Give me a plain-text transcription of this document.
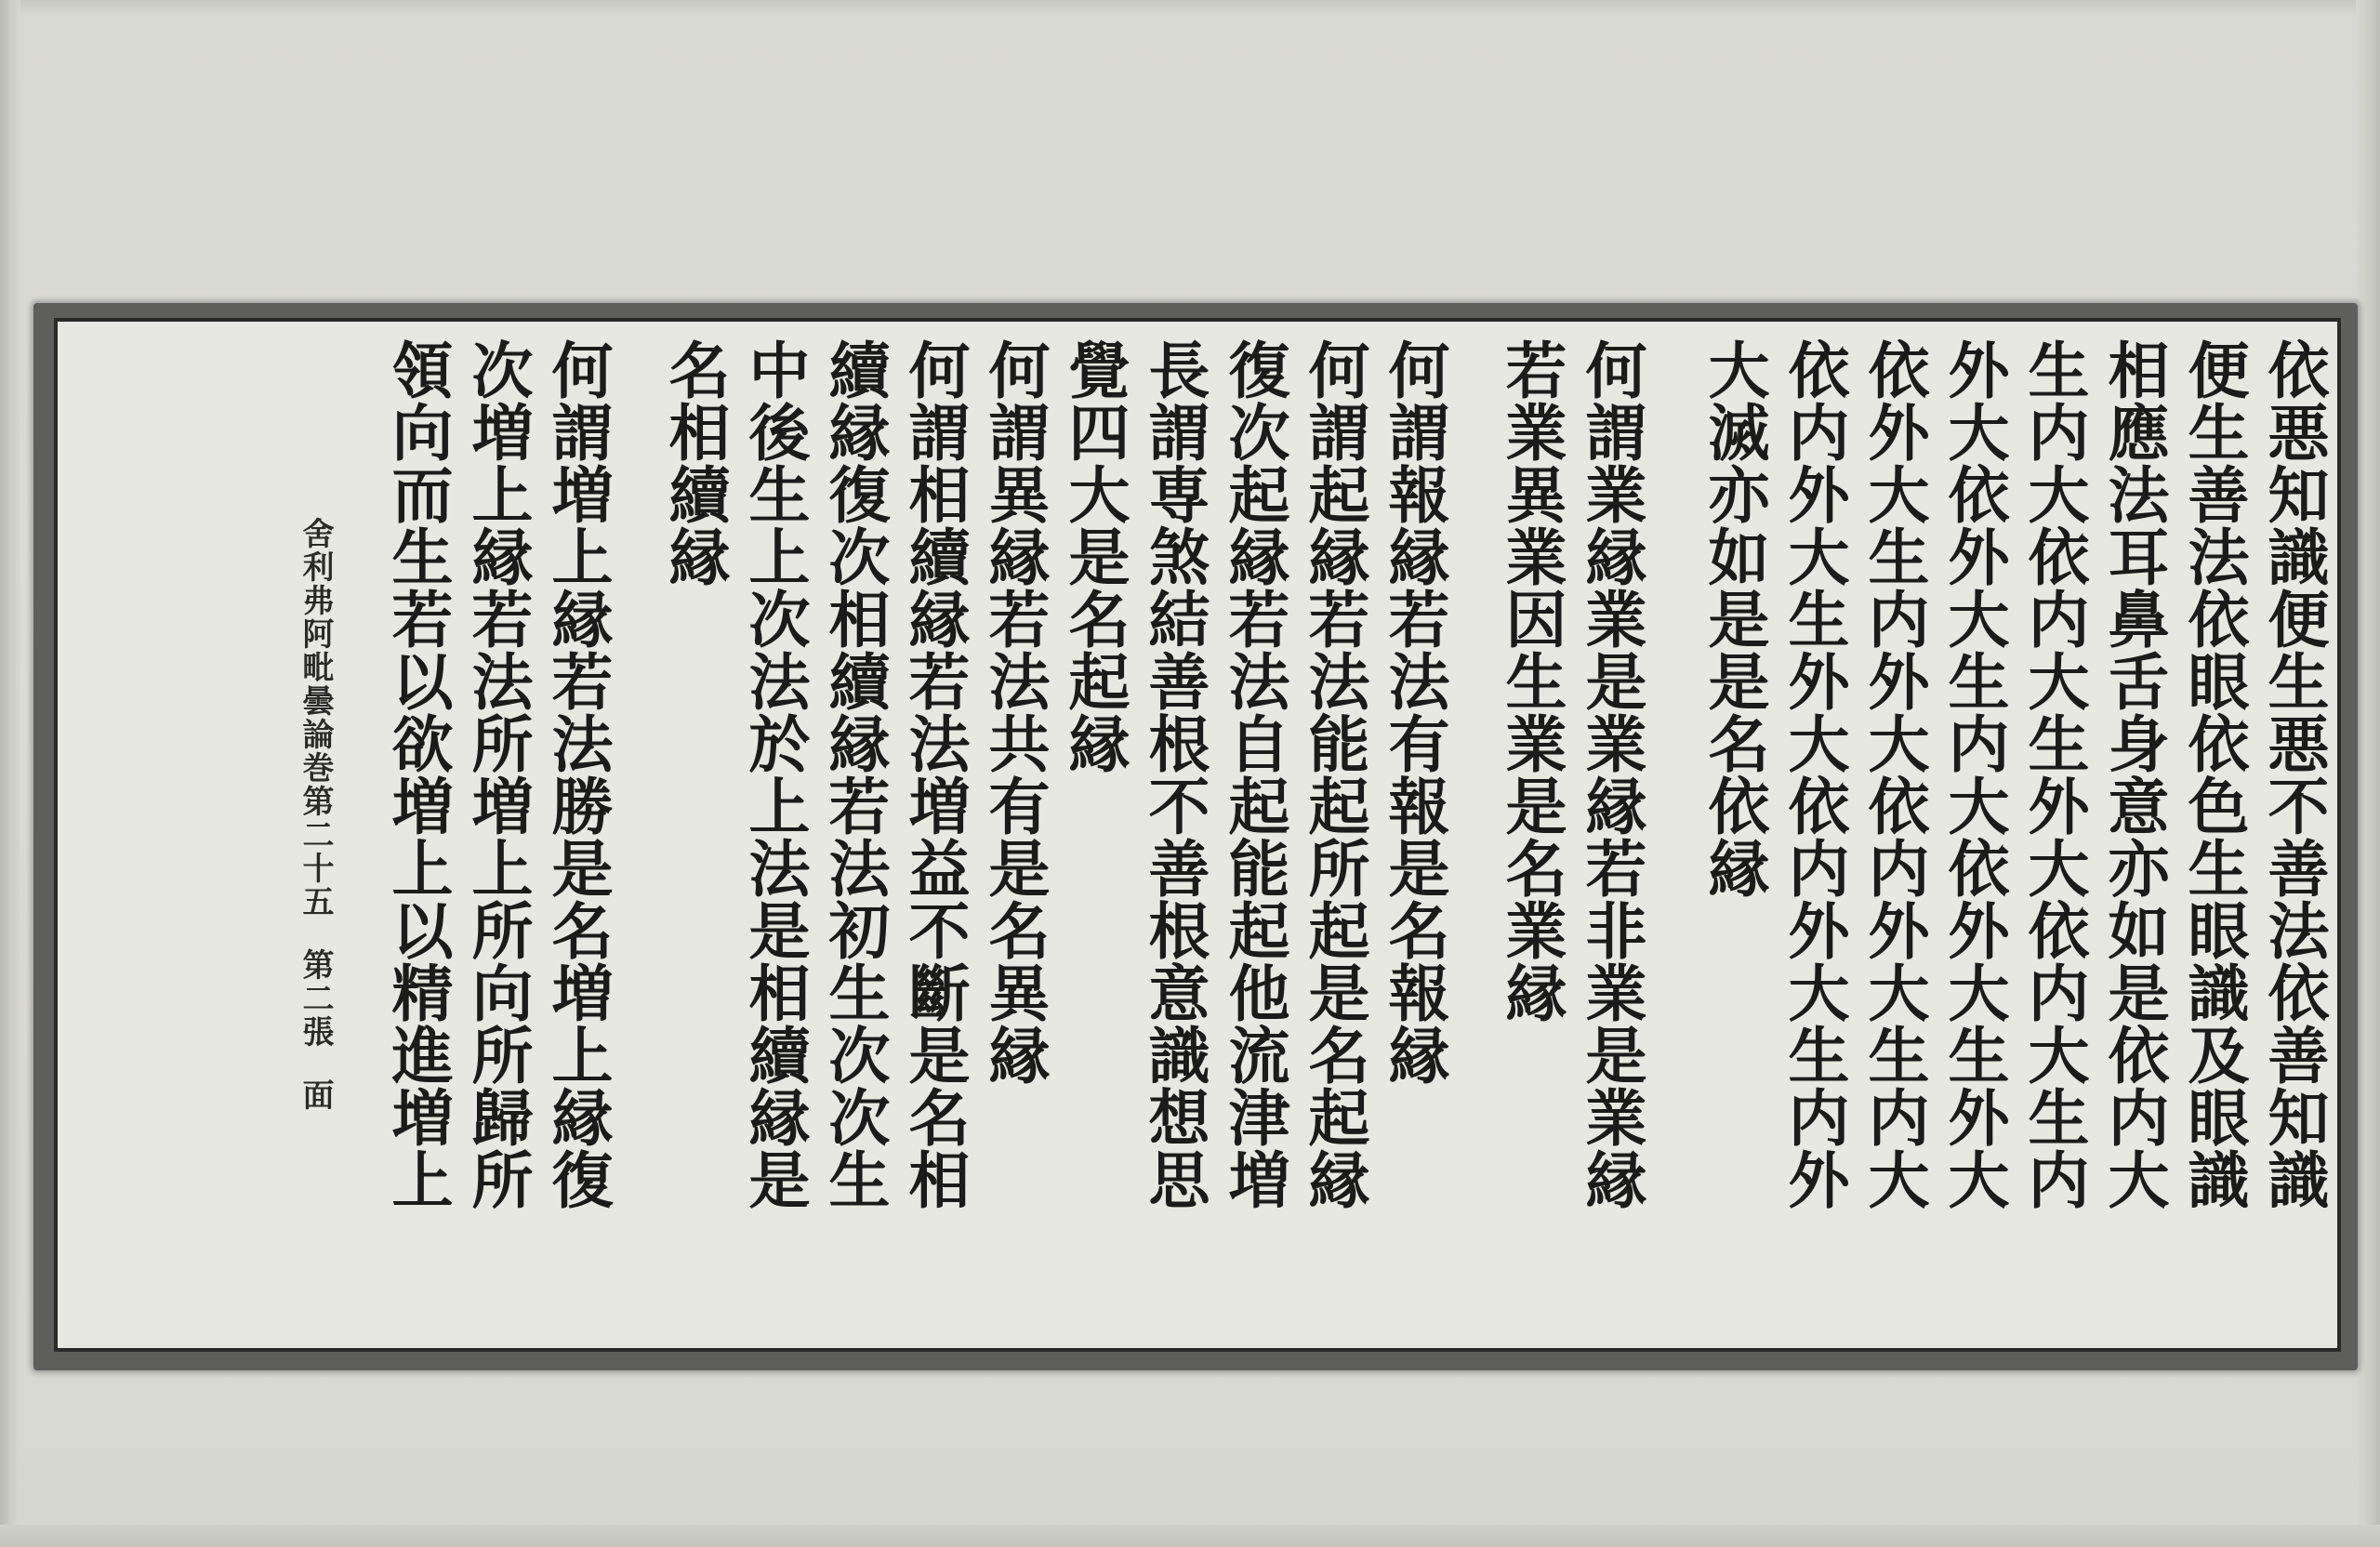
依悪知識便生悪不善法依善知識
便生善法依眼依色生眼識及眼識
相應法耳鼻舌身意亦如是依内大
生内大依内大生外大依内大生内
外大依外大生内大依外大生外大
依外大生内外大依内外大生内大
依内外大生外大依内外大生内外
大滅亦如是是名依縁
何謂業縁業是業縁若非業是業縁
若業異業因生業是名業縁
何謂報縁若法有報是名報縁
何謂起縁若法能起所起是名起縁
復次起縁若法自起能起他流津増
長謂専煞結善根不善根意識想思
覺四大是名起縁
何謂異縁若法共有是名異縁
何謂相續縁若法増益不斷是名相
續縁復次相續縁若法初生次次生
中後生上次法於上法是相續縁是
名相續縁
何謂増上縁若法勝是名増上縁復
次増上縁若法所増上所向所歸所
領向而生若以欲増上以精進増上
舍利弗阿毗曇論巻第二十五第二張面
